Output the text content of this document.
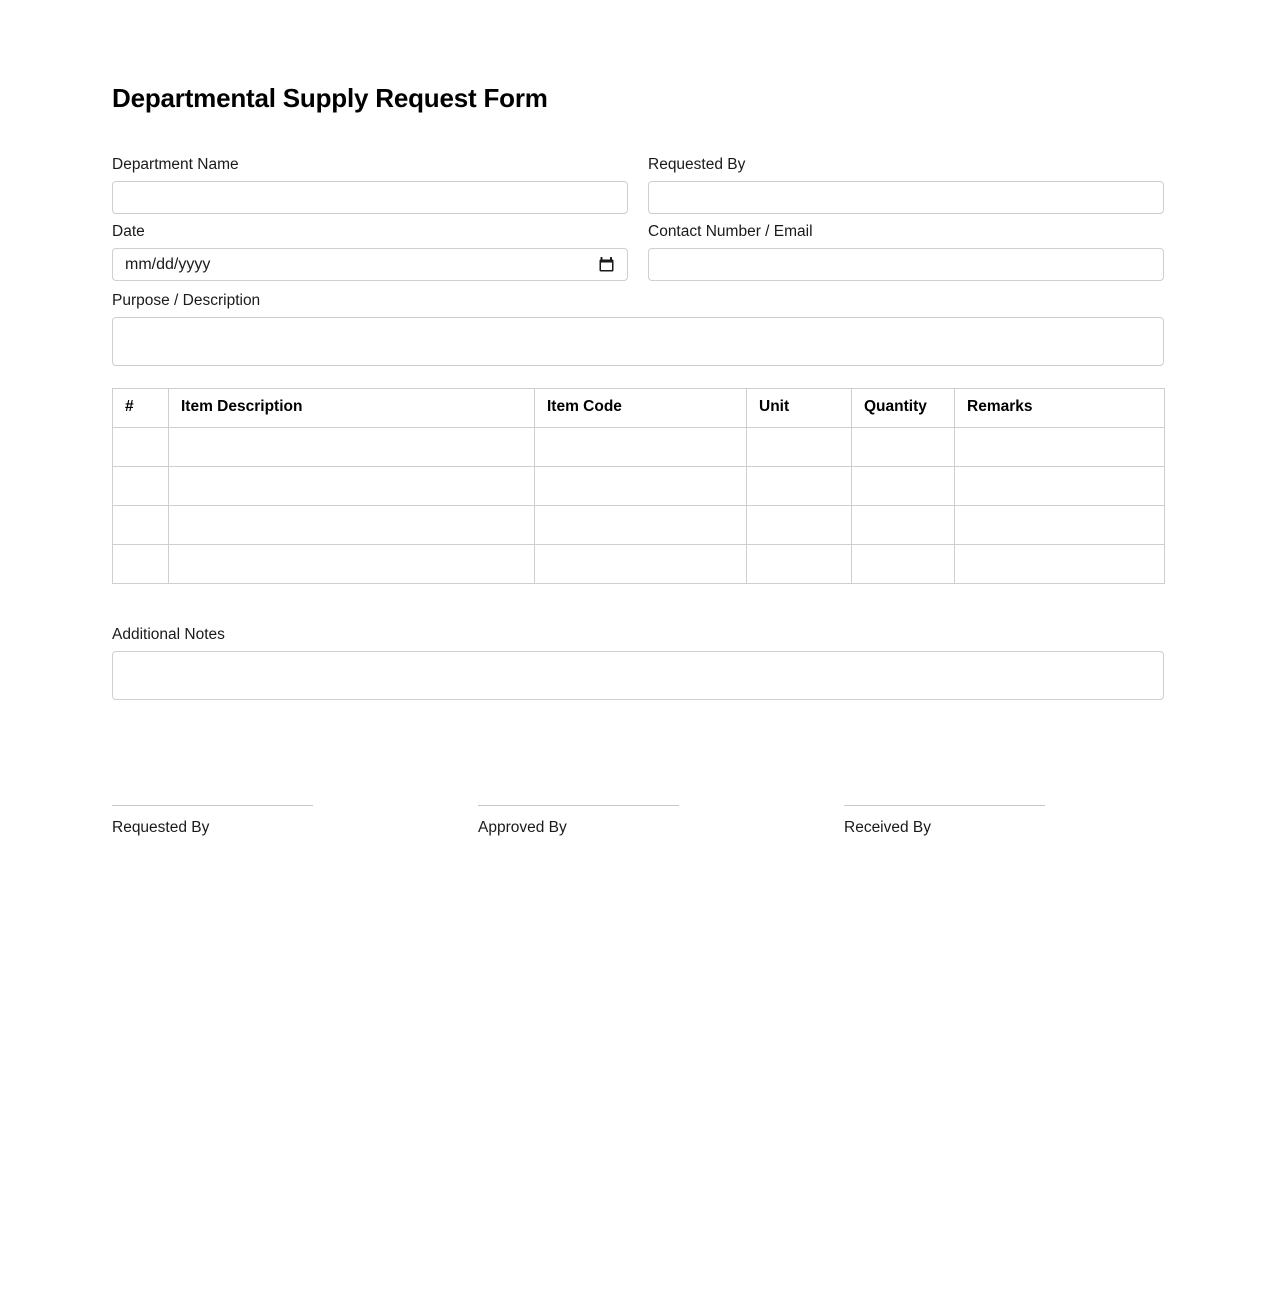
Departmental Supply Request Form
Department Name
Date
mm/dd/yyyy
Requested By
Contact Number / Email
Purpose / Description
#	Item Description	Item Code	Unit	Quantity	Remarks

Additional Notes
Requested By	Approved By	Received By
